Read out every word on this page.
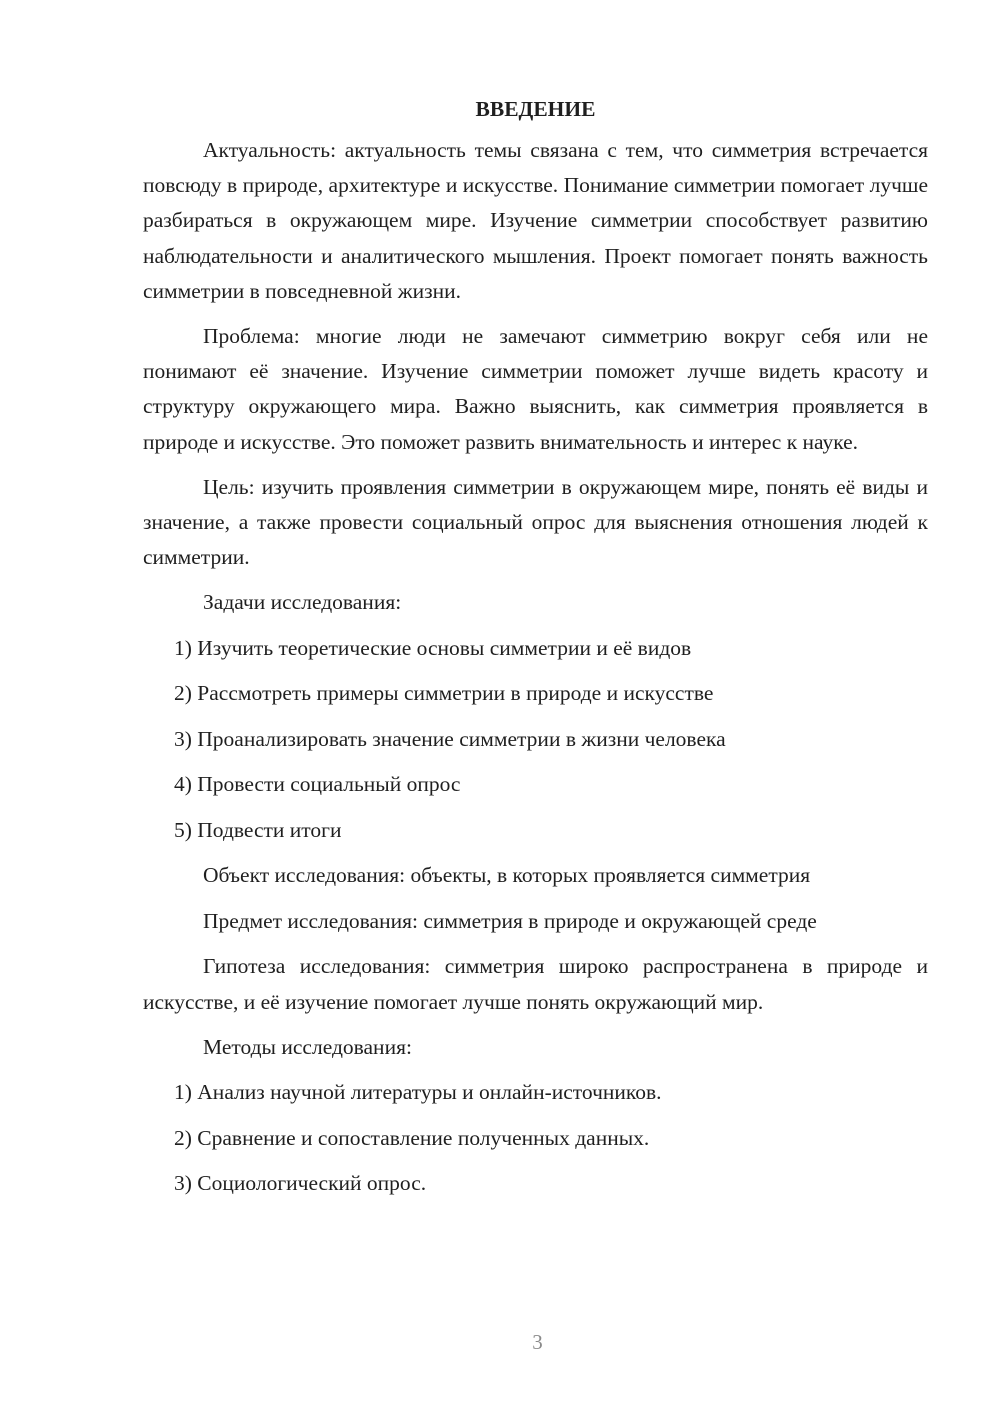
ВВЕДЕНИЕ

Актуальность: актуальность темы связана с тем, что симметрия встречается повсюду в природе, архитектуре и искусстве. Понимание симметрии помогает лучше разбираться в окружающем мире. Изучение симметрии способствует развитию наблюдательности и аналитического мышления. Проект помогает понять важность симметрии в повседневной жизни.

Проблема: многие люди не замечают симметрию вокруг себя или не понимают её значение. Изучение симметрии поможет лучше видеть красоту и структуру окружающего мира. Важно выяснить, как симметрия проявляется в природе и искусстве. Это поможет развить внимательность и интерес к науке.

Цель: изучить проявления симметрии в окружающем мире, понять её виды и значение, а также провести социальный опрос для выяснения отношения людей к симметрии.

Задачи исследования:
1) Изучить теоретические основы симметрии и её видов
2) Рассмотреть примеры симметрии в природе и искусстве
3) Проанализировать значение симметрии в жизни человека
4) Провести социальный опрос
5) Подвести итоги
Объект исследования: объекты, в которых проявляется симметрия
Предмет исследования: симметрия в природе и окружающей среде

Гипотеза исследования: симметрия широко распространена в природе и искусстве, и её изучение помогает лучше понять окружающий мир.

Методы исследования:
1) Анализ научной литературы и онлайн-источников.
2) Сравнение и сопоставление полученных данных.
3) Социологический опрос.
3
